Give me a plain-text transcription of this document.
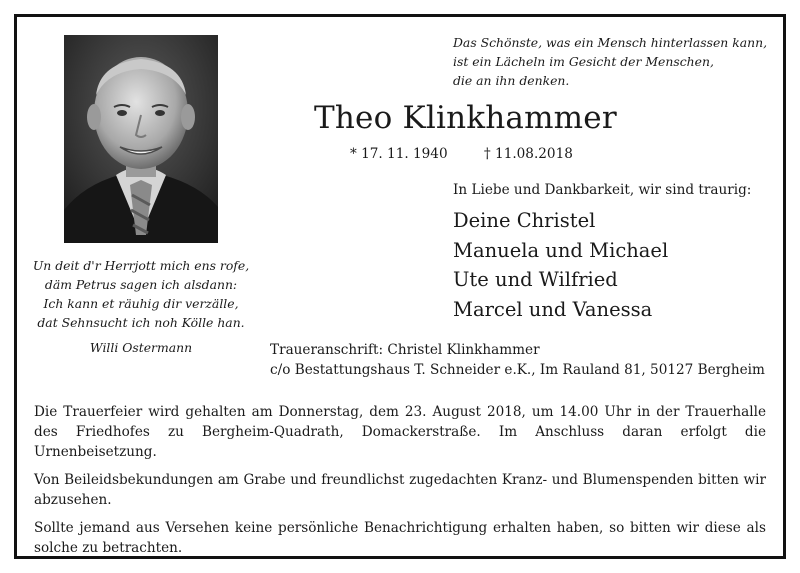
Das Schönste, was ein Mensch hinterlassen kann,
ist ein Lächeln im Gesicht der Menschen,
die an ihn denken.
Theo Klinkhammer
* 17. 11. 1940	† 11.08.2018
In Liebe und Dankbarkeit, wir sind traurig:
Deine Christel
Manuela und Michael
Ute und Wilfried
Marcel und Vanessa
Un deit d'r Herrjott mich ens rofe,
däm Petrus sagen ich alsdann:
Ich kann et räuhig dir verzälle,
dat Sehnsucht ich noh Kölle han.
Willi Ostermann	Traueranschrift: Christel Klinkhammer
c/o Bestattungshaus T. Schneider e.K., Im Rauland 81, 50127 Bergheim

Die Trauerfeier wird gehalten am Donnerstag, dem 23. August 2018, um 14.00 Uhr in der Trauerhalle des Friedhofes zu Bergheim-Quadrath, Domackerstraße. Im Anschluss daran erfolgt die Urnenbeisetzung.

Von Beileidsbekundungen am Grabe und freundlichst zugedachten Kranz- und Blumenspenden bitten wir abzusehen.

Sollte jemand aus Versehen keine persönliche Benachrichtigung erhalten haben, so bitten wir diese als solche zu betrachten.
